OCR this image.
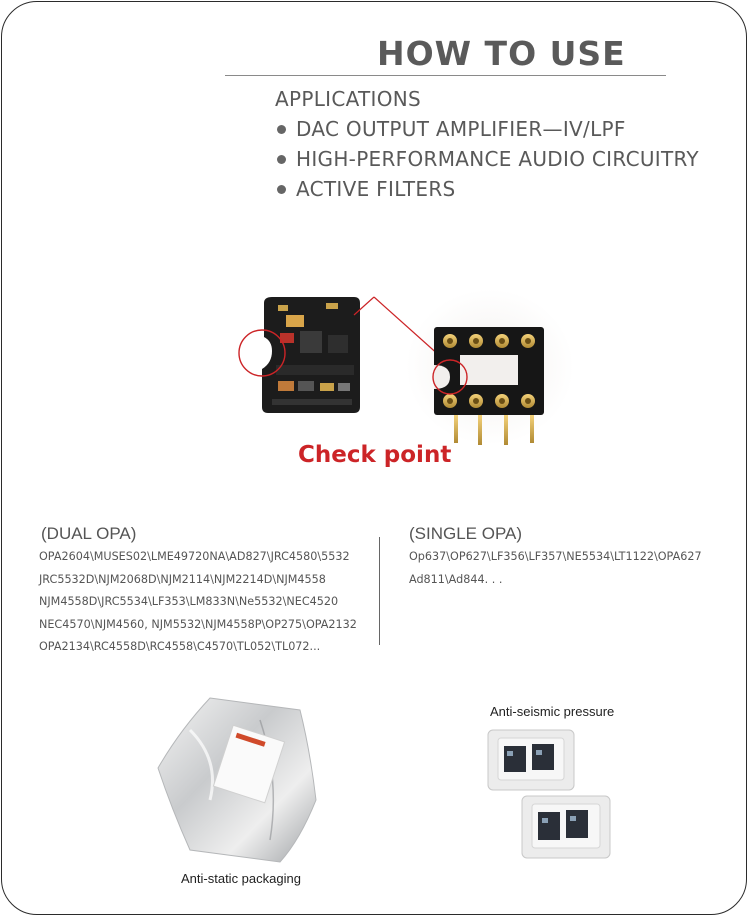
HOW TO USE
APPLICATIONS
DAC OUTPUT AMPLIFIER—IV/LPF
HIGH-PERFORMANCE AUDIO CIRCUITRY
ACTIVE FILTERS
Check point
(DUAL OPA)
OPA2604\MUSES02\LME49720NA\AD827\JRC4580\5532
JRC5532D\NJM2068D\NJM2114\NJM2214D\NJM4558
NJM4558D\JRC5534\LF353\LM833N\Ne5532\NEC4520
NEC4570\NJM4560, NJM5532\NJM4558P\OP275\OPA2132
OPA2134\RC4558D\RC4558\C4570\TL052\TL072...
(SINGLE OPA)
Op637\OP627\LF356\LF357\NE5534\LT1122\OPA627
Ad811\Ad844. . .
Anti-static packaging
Anti-seismic pressure
